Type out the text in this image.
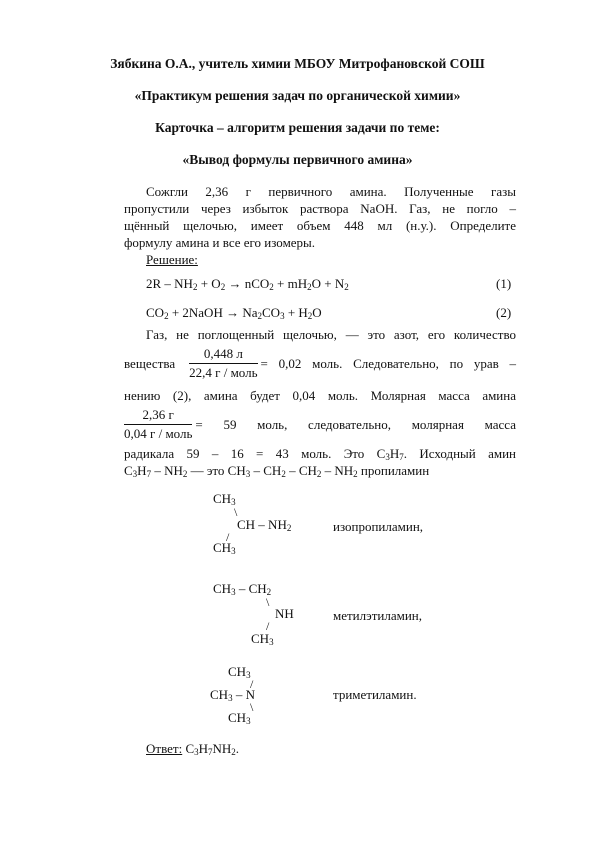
Зябкина О.А., учитель химии МБОУ Митрофановской СОШ
«Практикум решения задач по органической химии»
Карточка – алгоритм решения задачи по теме:
«Вывод формулы первичного амина»
Сожгли 2,36 г первичного амина. Полученные газы
пропустили через избыток раствора NaOH. Газ, не погло –
щённый щелочью, имеет объем 448 мл (н.у.). Определите
формулу амина и все его изомеры.
Решение:
$2R - NH_2 + O_2 \to nCO_2 + mH_2O + N_2$	(1)
$CO_2$ + 2NaOH → $Na_2CO_3 + H_2O$	(2)
Газ, не поглощенный щелочью, — это азот, его количество
вещества $\frac{0,448 л}{\text{22,4 г / моль}} = 0,02$ моль. Следовательно, по урав –
нению (2), амина будет 0,04 моль. Молярная масса амина
$\frac{2,36 г}{\text{0,04 г / моль}} = 59$ моль, следовательно, молярная масса
радикала 59 – 16 = 43 моль. Это $C_3H_7$. Исходный амин
$C_3H_7 - NH_2$ — это $CH_3 - CH_2 - CH_2 - NH_2$ пропиламин
$CH_3$
\
CH – $NH_2$
/
$CH_3$
изопропиламин,
$CH_3 - CH_2$
\
NH
/
$CH_3$
метилэтиламин,
$CH_3$
/
$CH_3$ – N
\
$CH_3$
триметиламин.
Ответ: $C_3H_7NH_2$.
